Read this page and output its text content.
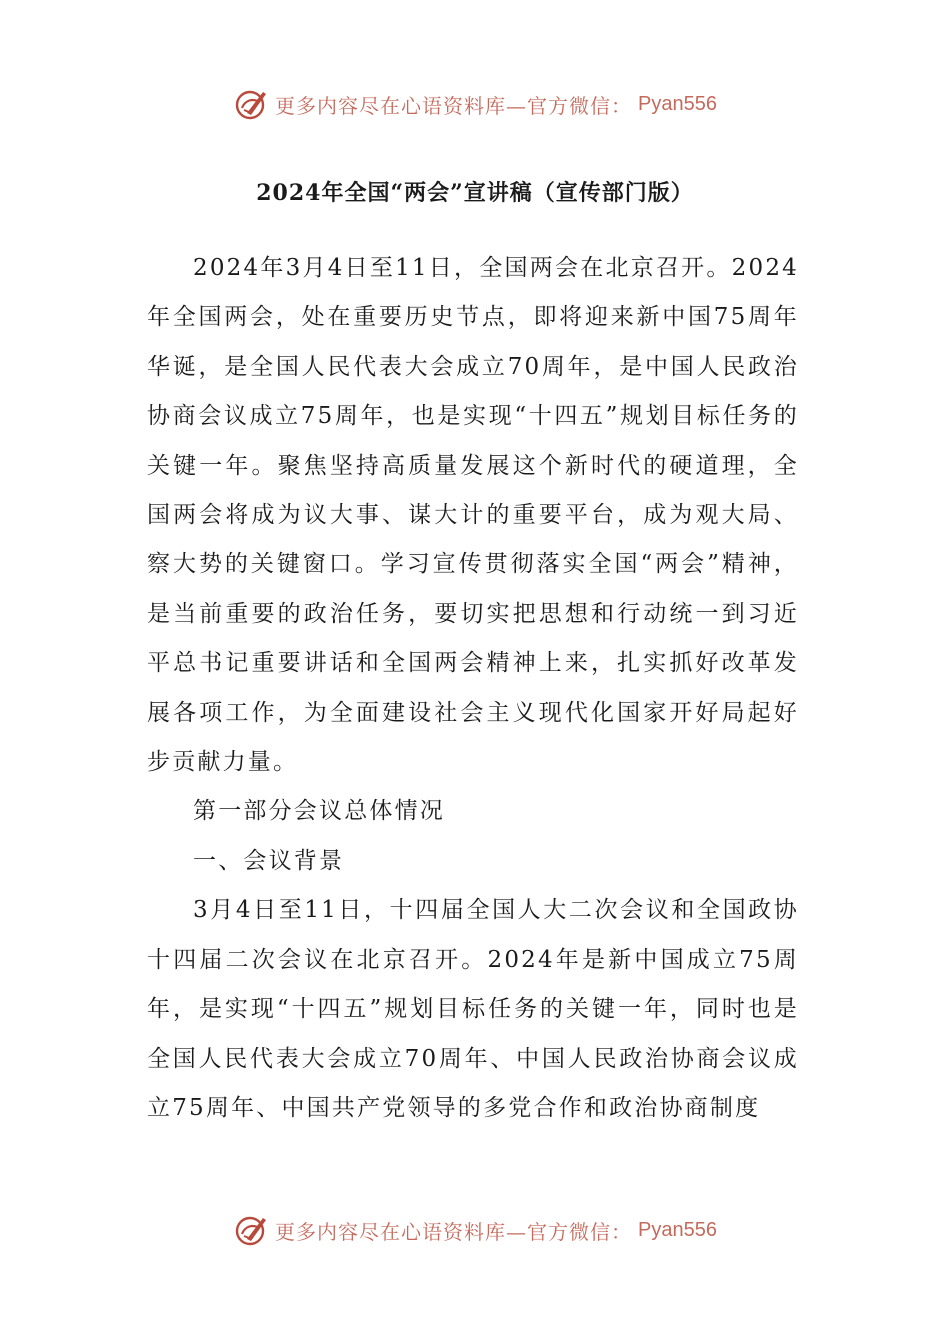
更多内容尽在心语资料库—官方微信： Pyan556
2024年全国“两会”宣讲稿（宣传部门版）

2024年3月4日至11日，全国两会在北京召开。2024年全国两会，处在重要历史节点，即将迎来新中国75周年华诞，是全国人民代表大会成立70周年，是中国人民政治协商会议成立75周年，也是实现“十四五”规划目标任务的关键一年。聚焦坚持高质量发展这个新时代的硬道理，全国两会将成为议大事、谋大计的重要平台，成为观大局、察大势的关键窗口。学习宣传贯彻落实全国“两会”精神，是当前重要的政治任务，要切实把思想和行动统一到习近平总书记重要讲话和全国两会精神上来，扎实抓好改革发展各项工作，为全面建设社会主义现代化国家开好局起好步贡献力量。

第一部分会议总体情况

一、会议背景

3月4日至11日，十四届全国人大二次会议和全国政协十四届二次会议在北京召开。2024年是新中国成立75周年，是实现“十四五”规划目标任务的关键一年，同时也是全国人民代表大会成立70周年、中国人民政治协商会议成立75周年、中国共产党领导的多党合作和政治协商制度

更多内容尽在心语资料库—官方微信： Pyan556
